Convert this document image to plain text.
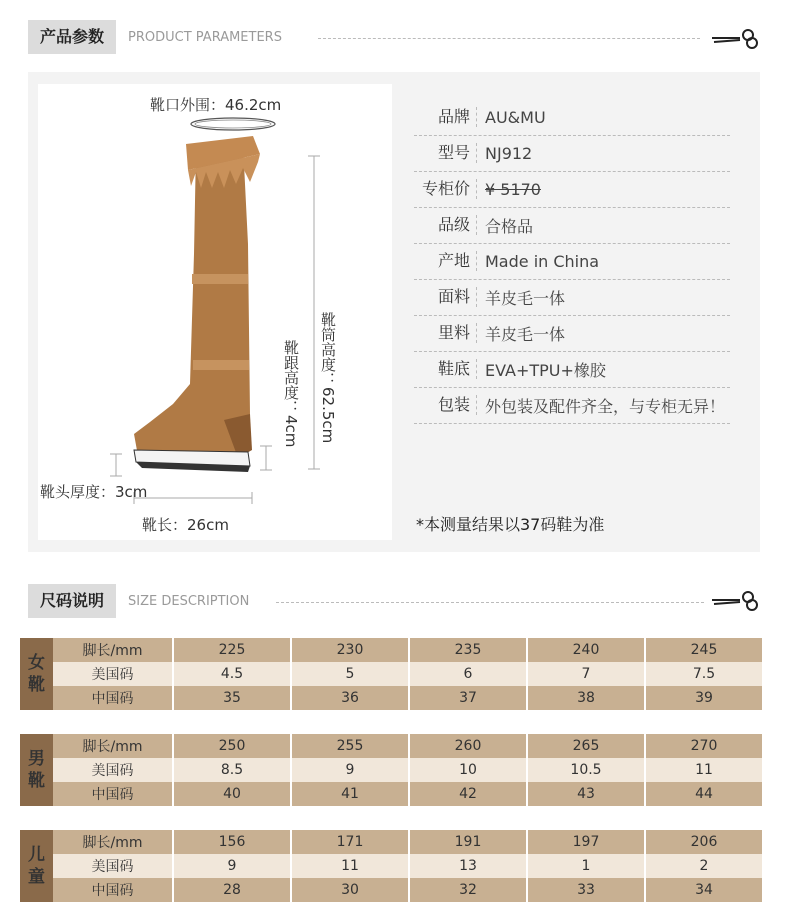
产品参数	PRODUCT PARAMETERS
靴口外围：46.2cm
靴筒高度：62.5cm
靴跟高度：4cm
靴头厚度：3cm
靴长：26cm
品牌 AU&MU
型号 NJ912
专柜价 ¥ 5170
品级 合格品
产地 Made in China
面料 羊皮毛一体
里料 羊皮毛一体
鞋底 EVA+TPU+橡胶
包装 外包装及配件齐全，与专柜无异！
*本测量结果以37码鞋为准
尺码说明	SIZE DESCRIPTION
女靴	脚长/mm	225	230	235	240	245
	美国码	4.5	5	6	7	7.5
	中国码	35	36	37	38	39

男靴	脚长/mm	250	255	260	265	270
	美国码	8.5	9	10	10.5	11
	中国码	40	41	42	43	44

儿童	脚长/mm	156	171	191	197	206
	美国码	9	11	13	1	2
	中国码	28	30	32	33	34
